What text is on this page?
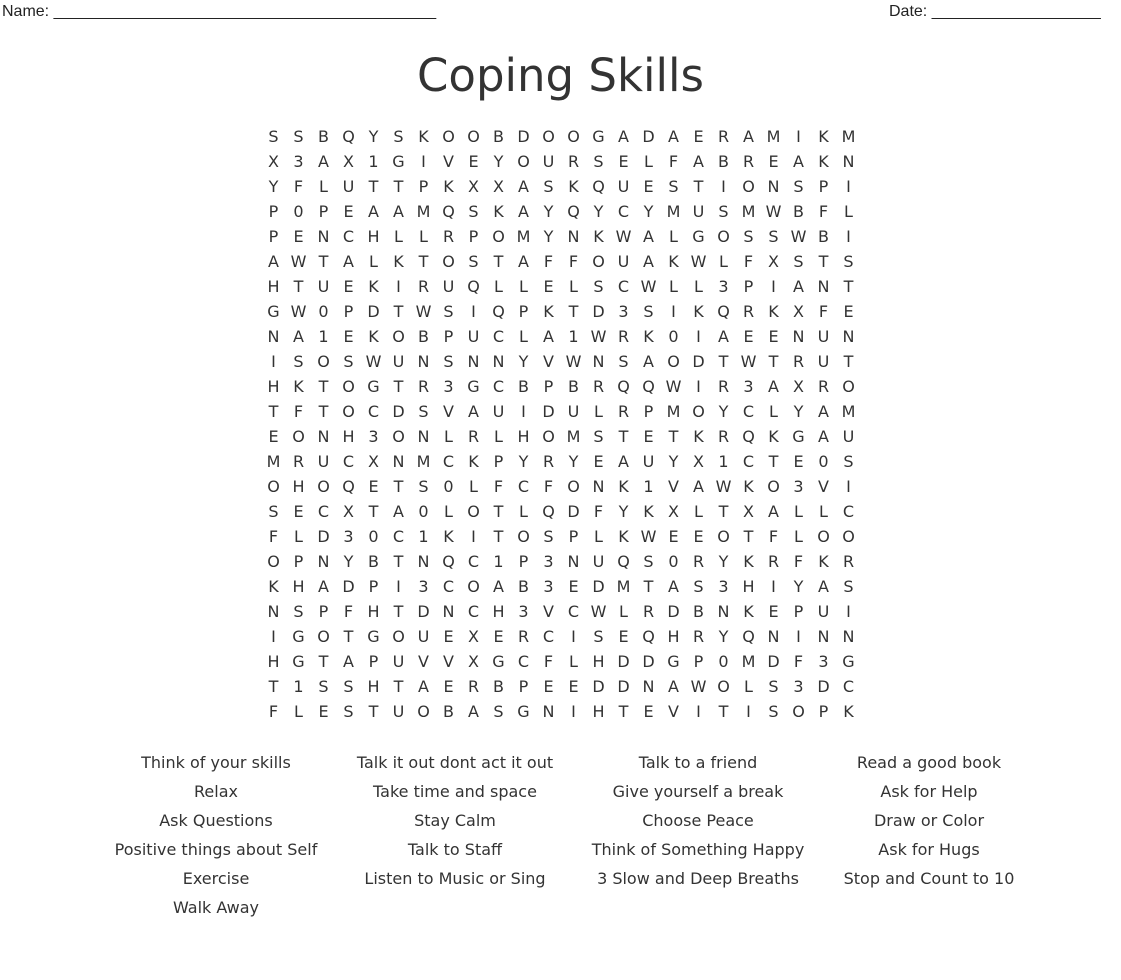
Name: ___________________________________________	Date: ___________________
Coping Skills
S S B Q Y S K O O B D O O G A D A E R A M I	K M
X 3 A X 1 G	I	V E Y O U R S E L F A B R E A K N
Y F L U T T P K X X A S K Q U E S T	I	O N S P	I
P 0 P E A A M Q S K A Y Q Y C Y M U S M W B F L
P E N C H L	L R P O M Y N K W A L G O S S W B	I
A W T A L K T O S T A F F O U A K W L F X S T S
H T U E K	I	R U Q L	L E L S C W L	L 3 P	I	A N T
G W 0 P D T W S	I	Q P K T D 3 S	I	K Q R K X F E
N A 1 E K O B P U C L A 1 W R K 0	I	A E E N U N
I	S O S W U N S N N Y V W N S A O D T W T R U T
H K T O G T R 3 G C B P B R Q Q W I	R 3 A X R O
T F T O C D S V A U	I	D U L R P M O Y C L Y A M
E O N H 3 O N L R L H O M S T E T K R Q K G A U
M R U C X N M C K P Y R Y E A U Y X 1 C T E 0 S
O H O Q E T S 0 L F C F O N K 1 V A W K O 3 V	I
S E C X T A 0 L O T L Q D F Y K X L T X A L	L C
F L D 3 0 C 1 K	I	T O S P L K W E E O T F L O O
O P N Y B T N Q C 1 P 3 N U Q S 0 R Y K R F K R
K H A D P	I	3 C O A B 3 E D M T A S 3 H	I	Y A S
N S P F H T D N C H 3 V C W L R D B N K E P U	I
I	G O T G O U E X E R C	I	S E Q H R Y Q N	I	N N
H G T A P U V V X G C F L H D D G P 0 M D F 3 G
T 1 S S H T A E R B P E E D D N A W O L S 3 D C
F L E S T U O B A S G N	I	H T E V	I	T	I	S O P K
Think of your skills	Talk it out dont act it out	Talk to a friend	Read a good book
Relax	Take time and space	Give yourself a break	Ask for Help
Ask Questions	Stay Calm	Choose Peace	Draw or Color
Positive things about Self	Talk to Staff	Think of Something Happy	Ask for Hugs
Exercise	Listen to Music or Sing	3 Slow and Deep Breaths	Stop and Count to 10
Walk Away
